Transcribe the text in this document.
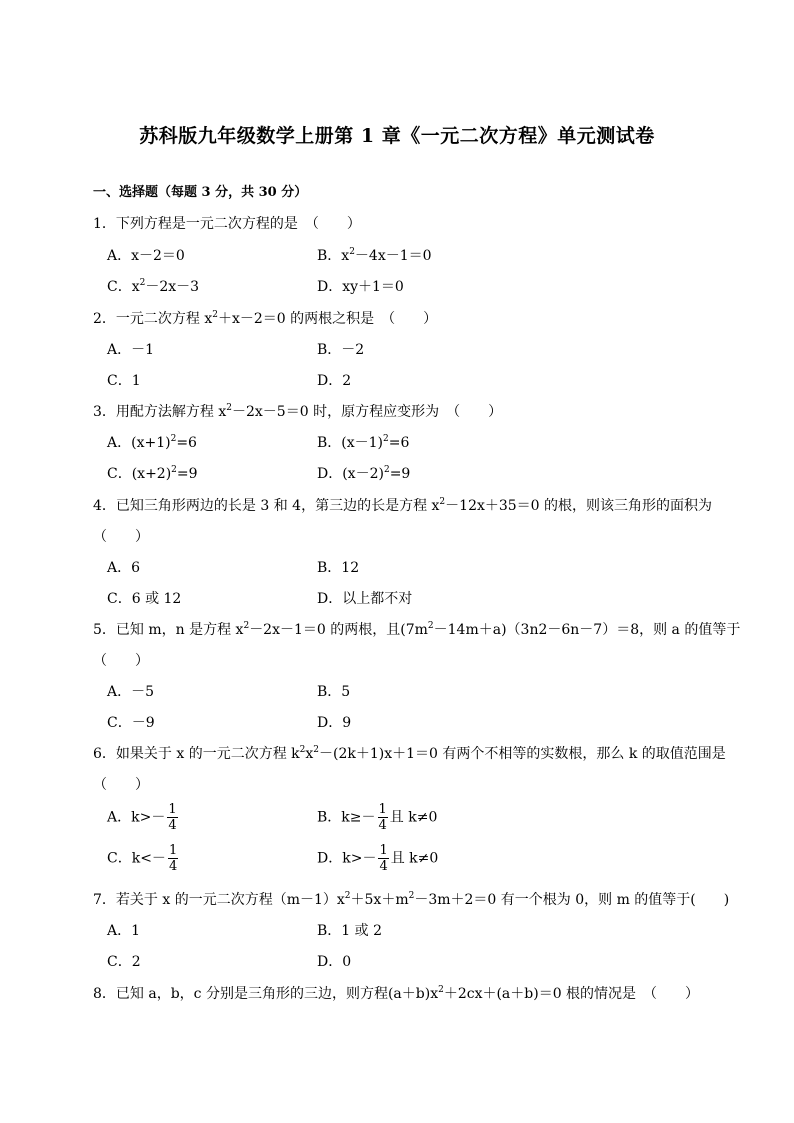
苏科版九年级数学上册第 1 章《一元二次方程》单元测试卷
一、选择题（每题 3 分，共 30 分）
1．下列方程是一元二次方程的是　（　　）
A．x－2＝0	B．$x^2-4x-1=0$
C．$x^2-2x-3$	D．xy＋1＝0
2．一元二次方程 $x^2+x-2=0$ 的两根之积是　（　　）
A．－1	B．－2
C．1	D．2
3．用配方法解方程 $x^2-2x-5=0$ 时，原方程应变形为　（　　）
A．$(x+1)^2=6$	B．$(x-1)^2=6$
C．$(x+2)^2=9$	D．$(x-2)^2=9$
4．已知三角形两边的长是 3 和 4，第三边的长是方程 $x^2-12x+35=0$ 的根，则该三角形的面积为
（　　）
A．6	B．12
C．6 或 12	D．以上都不对
5．已知 m，n 是方程 $x^2-2x-1=0$ 的两根，且$(7m^2-14m+a)(3n2-6n-7)=8$，则 a 的值等于
（　　）
A．－5	B．5
C．－9	D．9
6．如果关于 x 的一元二次方程 $k^2x^2-(2k+1)x+1=0$ 有两个不相等的实数根，那么 k 的取值范围是
（　　）
A．$k>- \frac{1}{4}$	B．$k\ge- \frac{1}{4}$ 且 k≠0
C．$k<- \frac{1}{4}$	D．$k>- \frac{1}{4}$ 且 k≠0
7．若关于 x 的一元二次方程$(m-1)x^2+5x+m^2-3m+2=0$ 有一个根为 0，则 m 的值等于(　　)
A．1	B．1 或 2
C．2	D．0
8．已知 a，b，c 分别是三角形的三边，则方程$(a+b)x^2+2cx+(a+b)=0$ 根的情况是　（　　）
